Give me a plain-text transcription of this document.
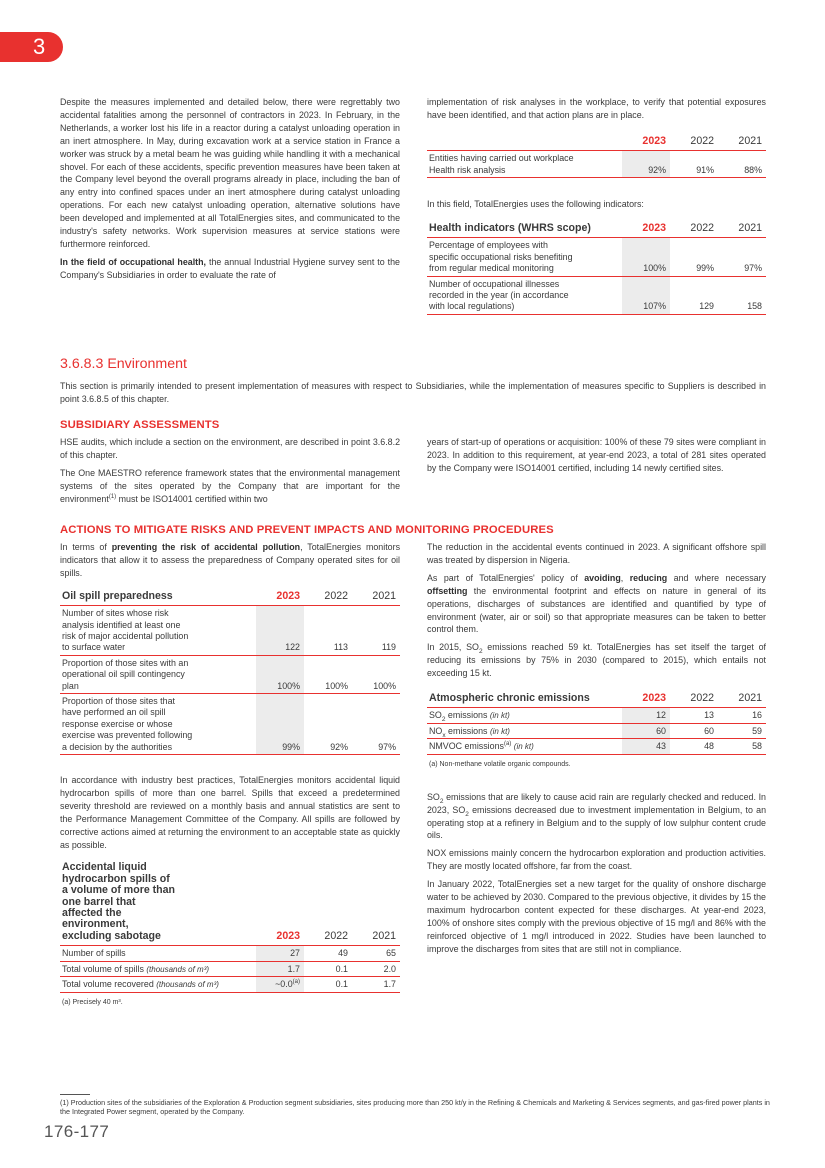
3

Despite the measures implemented and detailed below, there were regrettably two accidental fatalities among the personnel of contractors in 2023. In February, in the Netherlands, a worker lost his life in a reactor during a catalyst unloading operation in an inert atmosphere. In May, during excavation work at a service station in France a worker was struck by a metal beam he was guiding while handling it with a mechanical shovel. For each of these accidents, specific prevention measures have been taken at the Company level beyond the overall programs already in place, including the ban of any entry into confined spaces under an inert atmosphere during catalyst unloading operations. For each new catalyst unloading operation, alternative solutions have been developed and implemented at all TotalEnergies sites, and communicated to the industry's safety networks. Work supervision measures at service stations were furthermore reinforced.

In the field of occupational health, the annual Industrial Hygiene survey sent to the Company's Subsidiaries in order to evaluate the rate of

implementation of risk analyses in the workplace, to verify that potential exposures have been identified, and that action plans are in place.

	2023	2022	2021
Entities having carried out workplace Health risk analysis	92%	91%	88%

In this field, TotalEnergies uses the following indicators:

Health indicators (WHRS scope)	2023	2022	2021
Percentage of employees with specific occupational risks benefiting from regular medical monitoring	100%	99%	97%
Number of occupational illnesses recorded in the year (in accordance with local regulations)	107%	129	158
3.6.8.3 Environment

This section is primarily intended to present implementation of measures with respect to Subsidiaries, while the implementation of measures specific to Suppliers is described in point 3.6.8.5 of this chapter.

SUBSIDIARY ASSESSMENTS

HSE audits, which include a section on the environment, are described in point 3.6.8.2 of this chapter.

The One MAESTRO reference framework states that the environmental management systems of the sites operated by the Company that are important for the environment$^{(1)}$ must be ISO14001 certified within two

years of start-up of operations or acquisition: 100% of these 79 sites were compliant in 2023. In addition to this requirement, at year-end 2023, a total of 281 sites operated by the Company were ISO14001 certified, including 14 newly certified sites.

ACTIONS TO MITIGATE RISKS AND PREVENT IMPACTS AND MONITORING PROCEDURES

In terms of preventing the risk of accidental pollution, TotalEnergies monitors indicators that allow it to assess the preparedness of Company operated sites for oil spills.

Oil spill preparedness	2023	2022	2021
Number of sites whose risk analysis identified at least one risk of major accidental pollution to surface water	122	113	119
Proportion of those sites with an operational oil spill contingency plan	100%	100%	100%
Proportion of those sites that have performed an oil spill response exercise or whose exercise was prevented following a decision by the authorities	99%	92%	97%

In accordance with industry best practices, TotalEnergies monitors accidental liquid hydrocarbon spills of more than one barrel. Spills that exceed a predetermined severity threshold are reviewed on a monthly basis and annual statistics are sent to the Performance Management Committee of the Company. All spills are followed by corrective actions aimed at returning the environment to an acceptable state as quickly as possible.

Accidental liquid hydrocarbon spills of a volume of more than one barrel that affected the environment, excluding sabotage	2023	2022	2021
Number of spills	27	49	65
Total volume of spills (thousands of m³)	1.7	0.1	2.0
Total volume recovered (thousands of m³)	~0.0$^{(a)}$	0.1	1.7
(a) Precisely 40 m³.

The reduction in the accidental events continued in 2023. A significant offshore spill was treated by dispersion in Nigeria.

As part of TotalEnergies' policy of avoiding, reducing and where necessary offsetting the environmental footprint and effects on nature in general of its operations, discharges of substances are identified and quantified by type of environment (water, air or soil) so that appropriate measures can be taken to better control them.

In 2015, $SO_2$ emissions reached 59 kt. TotalEnergies has set itself the target of reducing its emissions by 75% in 2030 (compared to 2015), which entails not exceeding 15 kt.

Atmospheric chronic emissions	2023	2022	2021
$SO_2$ emissions (in kt)	12	13	16
$NO_x$ emissions (in kt)	60	60	59
NMVOC emissions$^{(a)}$ (in kt)	43	48	58
(a) Non-methane volatile organic compounds.

$SO_2$ emissions that are likely to cause acid rain are regularly checked and reduced. In 2023, $SO_2$ emissions decreased due to investment implementation in Belgium, to an operating stop at a refinery in Belgium and to the supply of low sulphur content crude oils.

NOX emissions mainly concern the hydrocarbon exploration and production activities. They are mostly located offshore, far from the coast.

In January 2022, TotalEnergies set a new target for the quality of onshore discharge water to be achieved by 2030. Compared to the previous objective, it divides by 15 the maximum hydrocarbon content expected for these discharges. At year-end 2023, 100% of onshore sites comply with the previous objective of 15 mg/l and 86% with the reinforced objective of 1 mg/l introduced in 2022. Studies have been launched to improve the discharges from sites that are still not in compliance.

(1) Production sites of the subsidiaries of the Exploration & Production segment subsidiaries, sites producing more than 250 kt/y in the Refining & Chemicals and Marketing & Services segments, and gas-fired power plants in the Integrated Power segment, operated by the Company.
176-177
